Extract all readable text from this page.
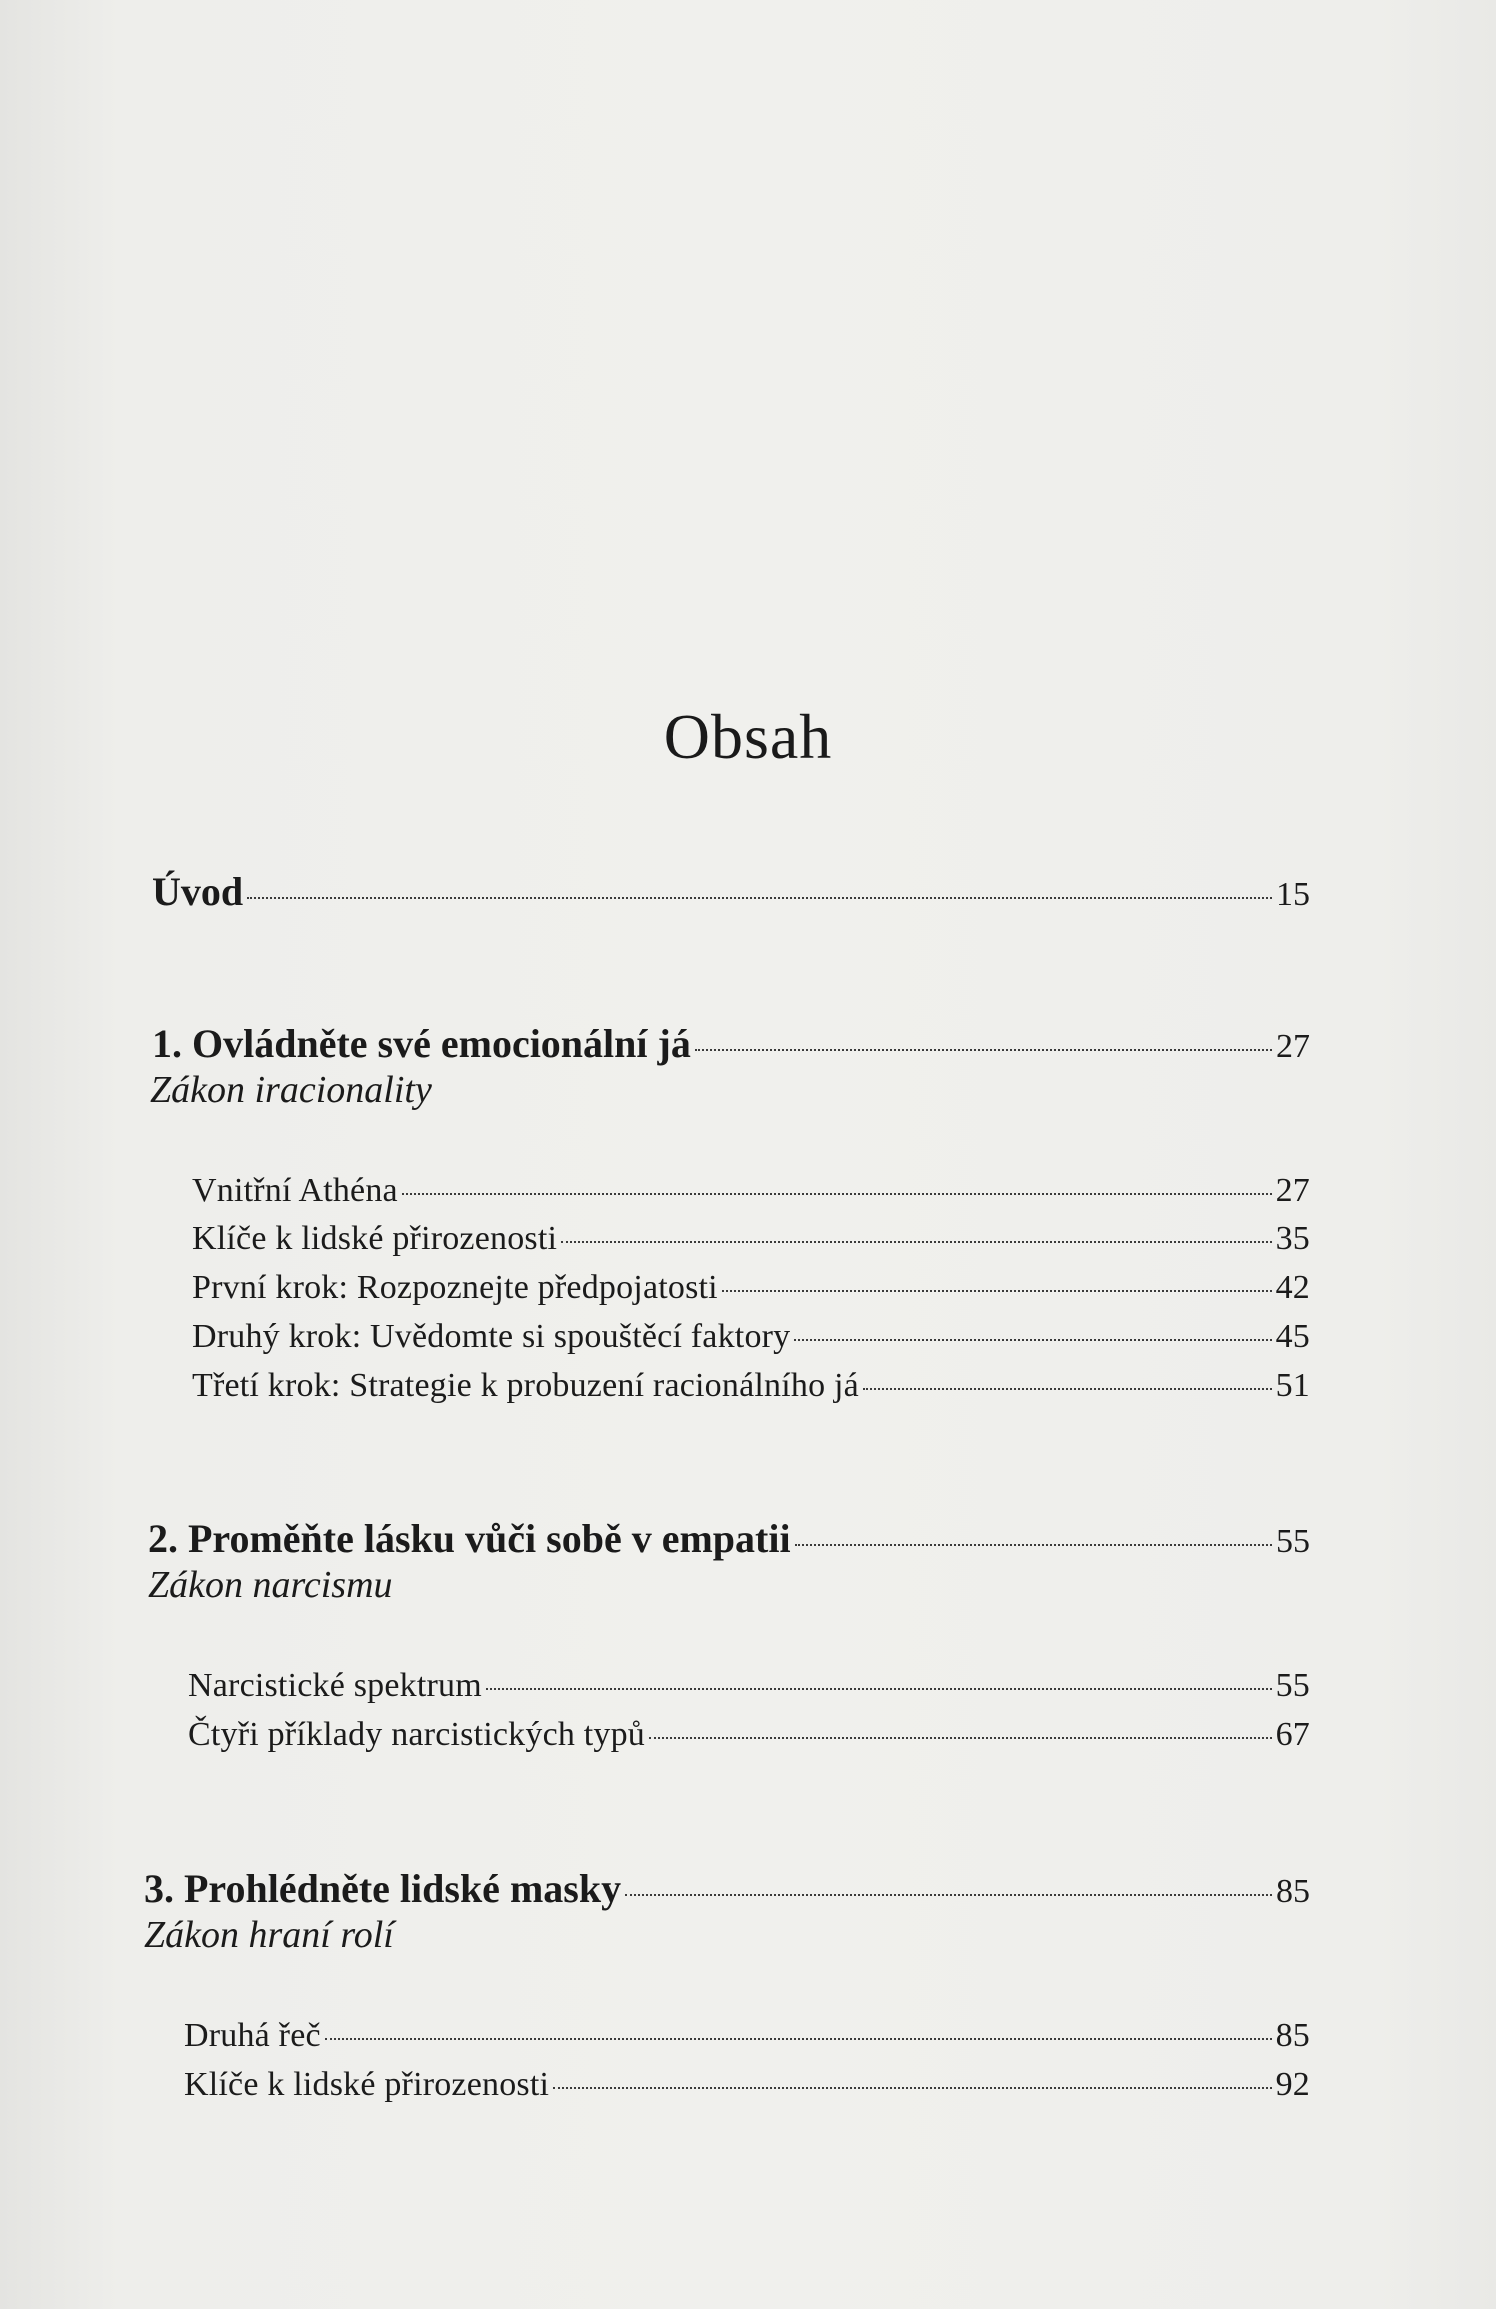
Obsah
Úvod	15
1. Ovládněte své emocionální já	27
Zákon iracionality
Vnitřní Athéna	27
Klíče k lidské přirozenosti	35
První krok: Rozpoznejte předpojatosti	42
Druhý krok: Uvědomte si spouštěcí faktory	45
Třetí krok: Strategie k probuzení racionálního já	51
2. Proměňte lásku vůči sobě v empatii	55
Zákon narcismu
Narcistické spektrum	55
Čtyři příklady narcistických typů	67
3. Prohlédněte lidské masky	85
Zákon hraní rolí
Druhá řeč	85
Klíče k lidské přirozenosti	92
